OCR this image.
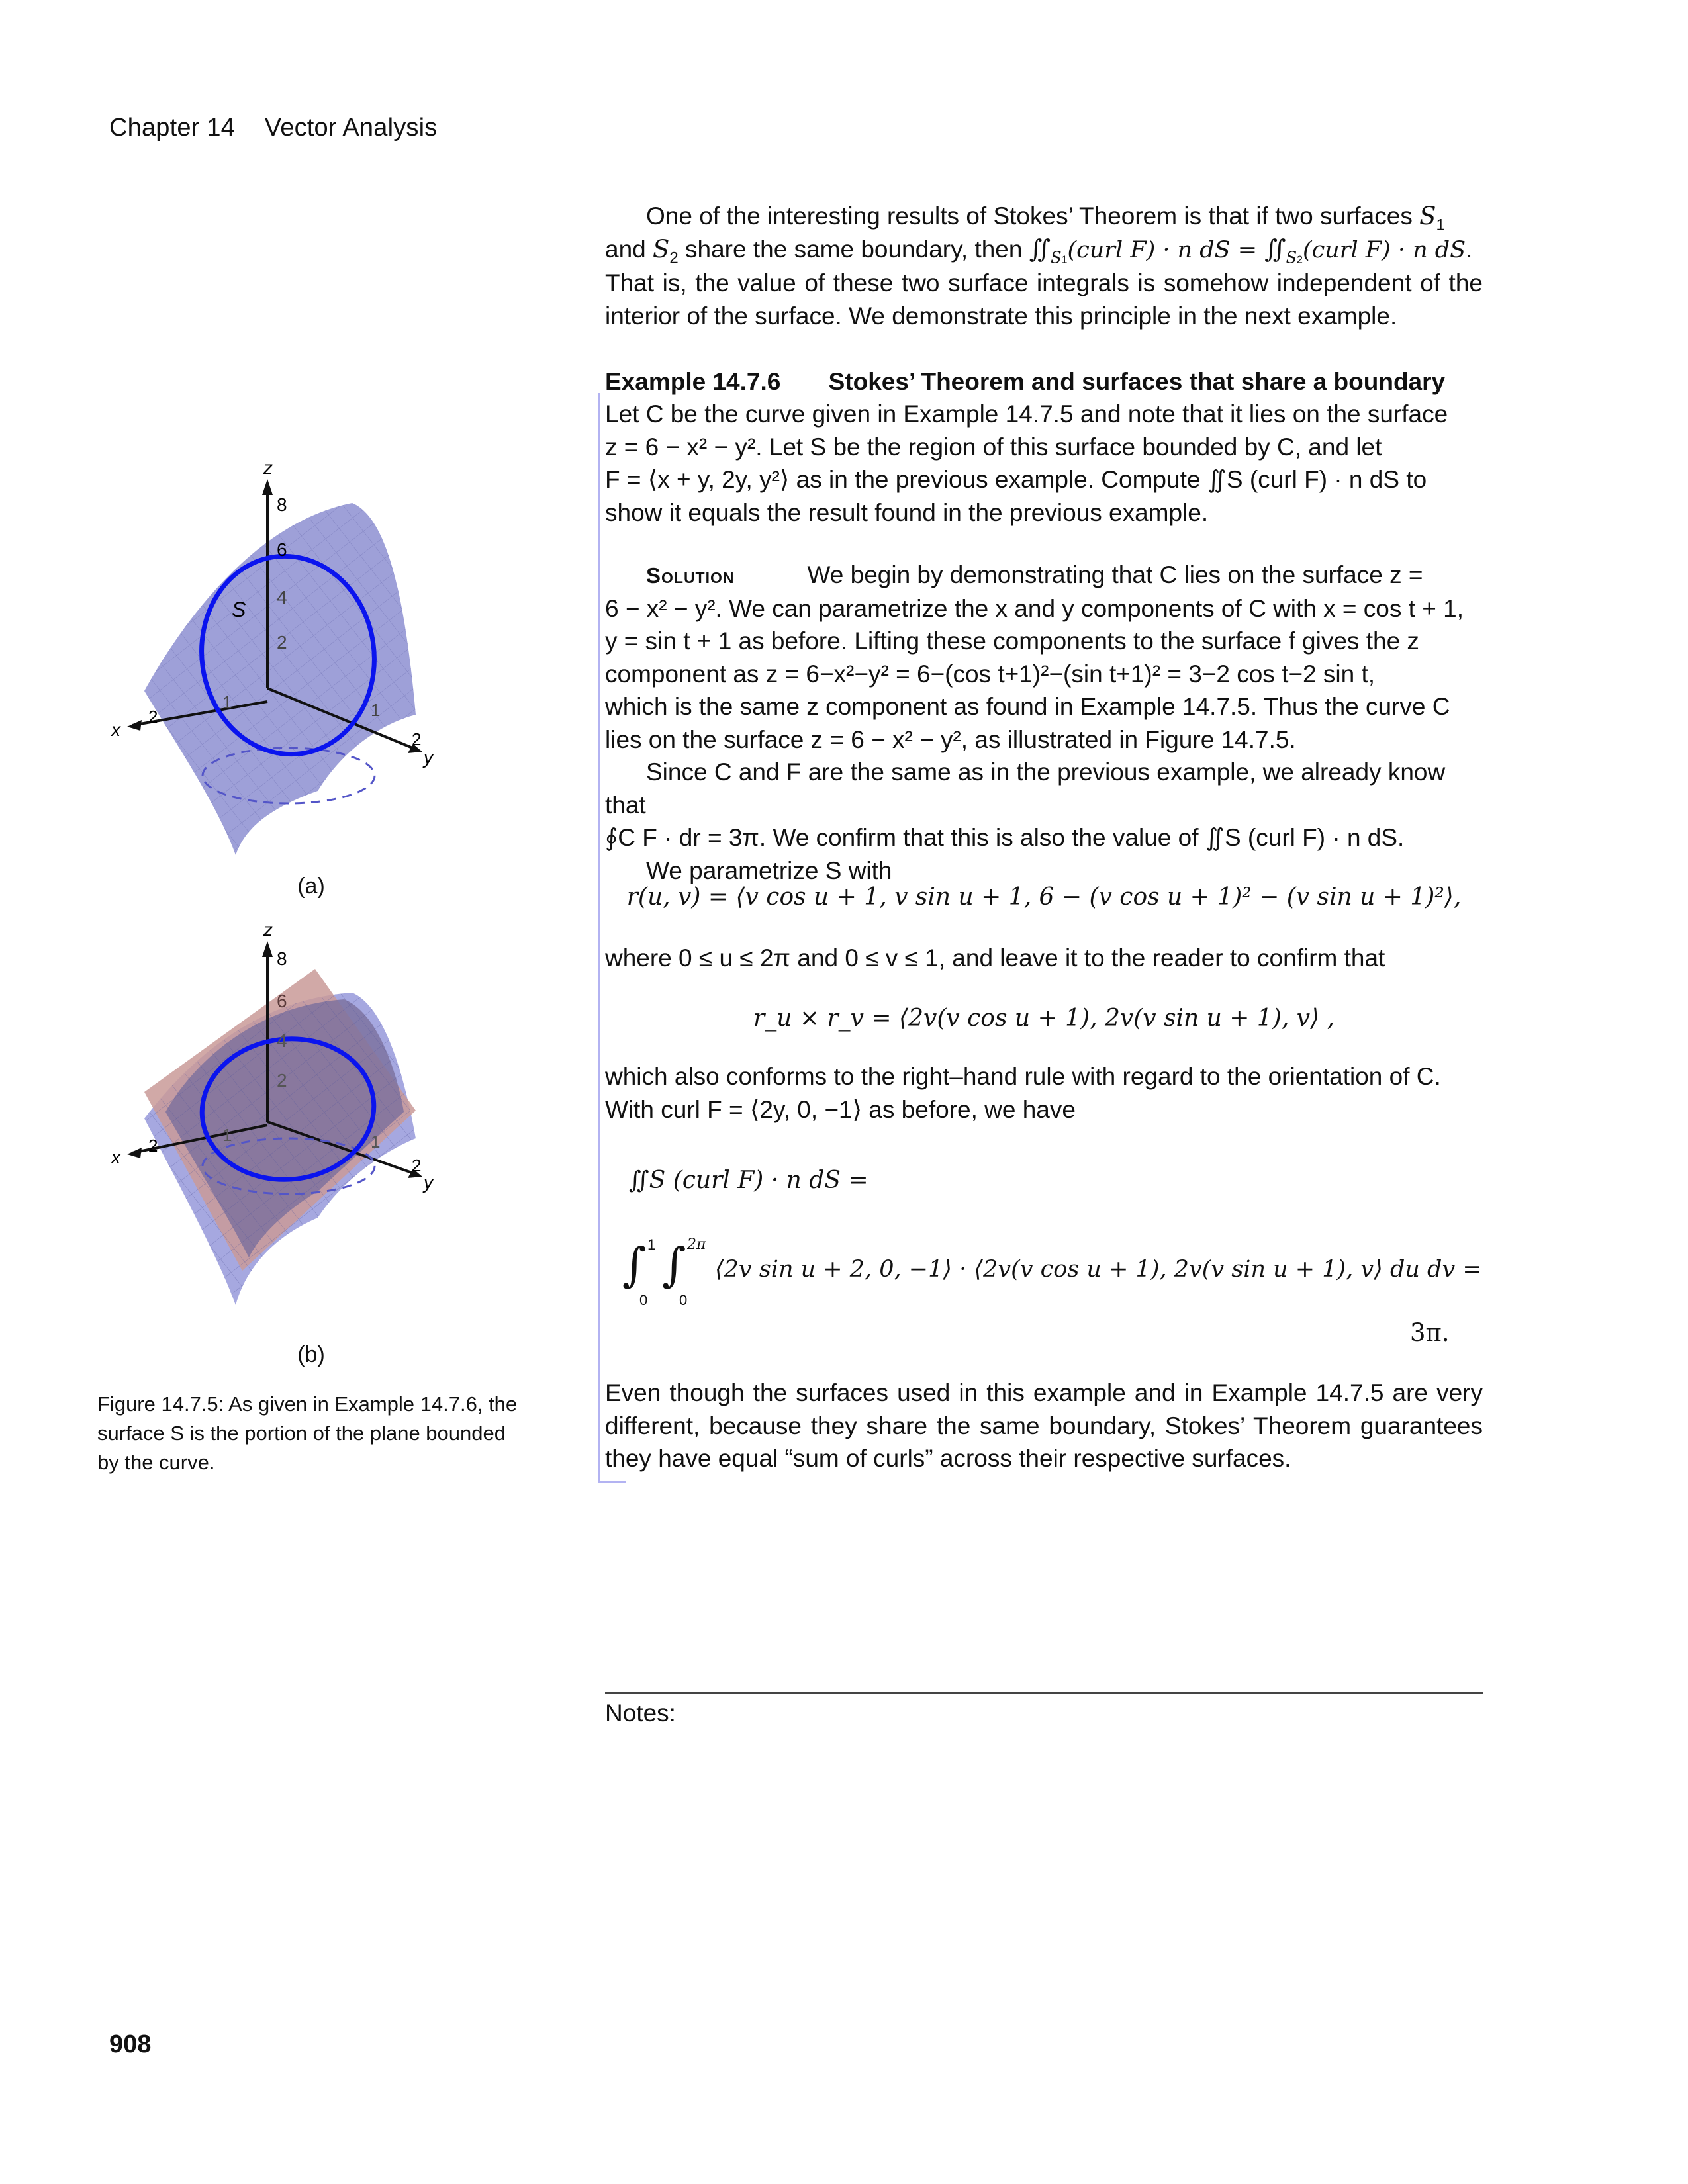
Chapter 14 Vector Analysis

One of the interesting results of Stokes’ Theorem is that if two surfaces $S_1$

and $S_2$ share the same boundary, then $∬_{S1}(curl$ F) · n dS = $∬_{S2}(curl$ F) · n dS.

That is, the value of these two surface integrals is somehow independent of the interior of the surface. We demonstrate this principle in the next example.

Example 14.7.6 Stokes’ Theorem and surfaces that share a boundary

Let C be the curve given in Example 14.7.5 and note that it lies on the surface

z = 6 − x² − y². Let S be the region of this surface bounded by C, and let

F = ⟨x + y, 2y, y²⟩ as in the previous example. Compute ∬S (curl F) · n dS to

show it equals the result found in the previous example.

Solution	We begin by demonstrating that C lies on the surface z =

6 − x² − y². We can parametrize the x and y components of C with x = cos t + 1,

y = sin t + 1 as before. Lifting these components to the surface f gives the z

component as z = 6−x²−y² = 6−(cos t+1)²−(sin t+1)² = 3−2 cos t−2 sin t,

which is the same z component as found in Example 14.7.5. Thus the curve C

lies on the surface z = 6 − x² − y², as illustrated in Figure 14.7.5.

Since C and F are the same as in the previous example, we already know that

∮C F · dr = 3π. We confirm that this is also the value of ∬S (curl F) · n dS.

We parametrize S with

r(u, v) = ⟨v cos u + 1, v sin u + 1, 6 − (v cos u + 1)² − (v sin u + 1)²⟩,

where 0 ≤ u ≤ 2π and 0 ≤ v ≤ 1, and leave it to the reader to confirm that

r_u × r_v = ⟨2v(v cos u + 1), 2v(v sin u + 1), v⟩ ,

which also conforms to the right–hand rule with regard to the orientation of C.

With curl F = ⟨2y, 0, −1⟩ as before, we have

∬S (curl F) · n dS =
∫ 1
0
∫ 2π
0
⟨2v sin u + 2, 0, −1⟩ · ⟨2v(v cos u + 1), 2v(v sin u + 1), v⟩ du dv =
3π.

Even though the surfaces used in this example and in Example 14.7.5 are very different, because they share the same boundary, Stokes’ Theorem guarantees they have equal “sum of curls” across their respective surfaces.

z
x
y
8
6
4
2
1
2	1
2
S
(a)
z
x
y
8
6
4
2
1
2	1
2
(b)
Figure 14.7.5: As given in Example 14.7.6, the surface S is the portion of the plane bounded by the curve.
Notes:
908
